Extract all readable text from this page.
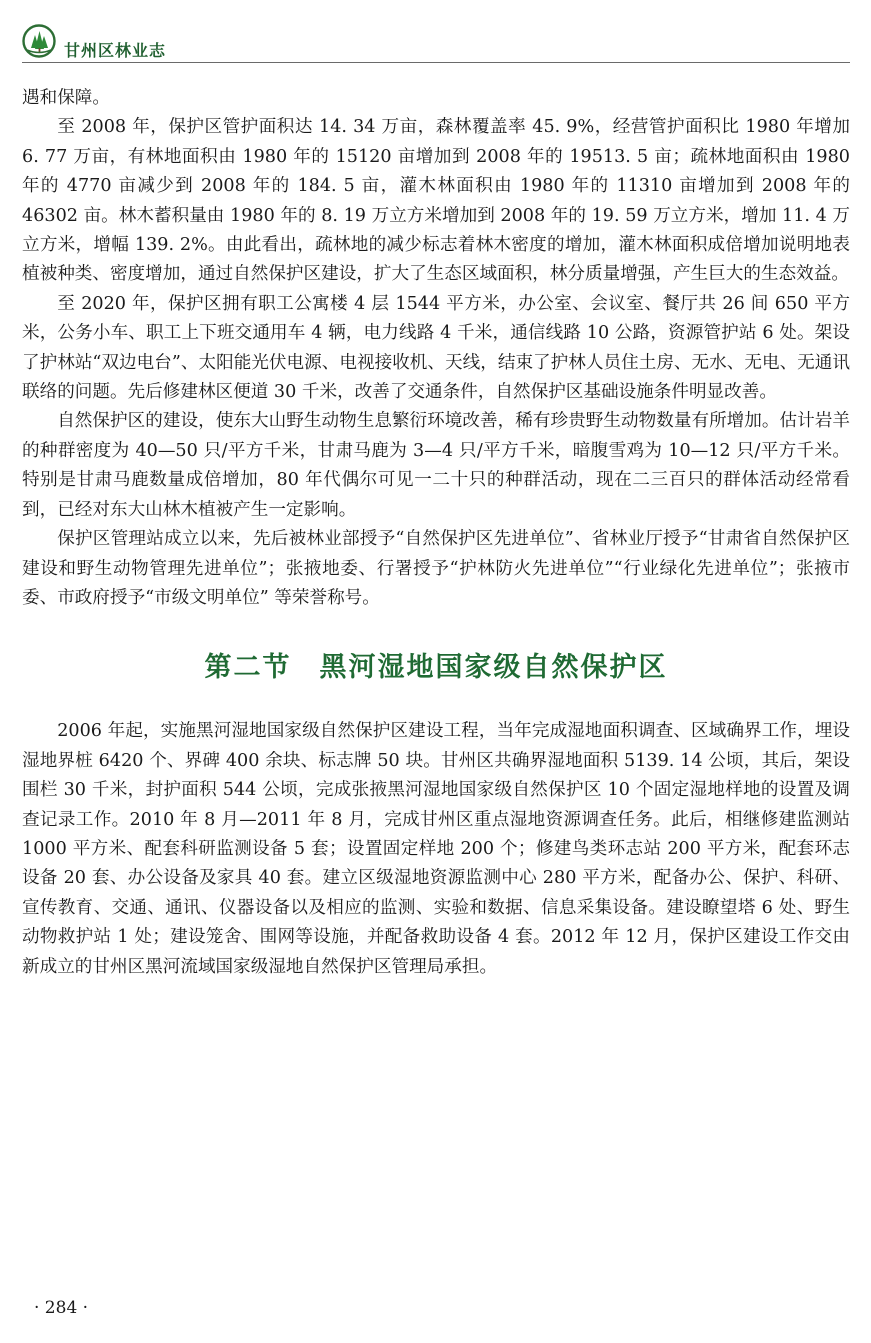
甘州区林业志

遇和保障。

至 2008 年，保护区管护面积达 14. 34 万亩，森林覆盖率 45. 9%，经营管护面积比 1980 年增加 6. 77 万亩，有林地面积由 1980 年的 15120 亩增加到 2008 年的 19513. 5 亩；疏林地面积由 1980 年的 4770 亩减少到 2008 年的 184. 5 亩，灌木林面积由 1980 年的 11310 亩增加到 2008 年的 46302 亩。林木蓄积量由 1980 年的 8. 19 万立方米增加到 2008 年的 19. 59 万立方米，增加 11. 4 万立方米，增幅 139. 2%。由此看出，疏林地的减少标志着林木密度的增加，灌木林面积成倍增加说明地表植被种类、密度增加，通过自然保护区建设，扩大了生态区域面积，林分质量增强，产生巨大的生态效益。

至 2020 年，保护区拥有职工公寓楼 4 层 1544 平方米，办公室、会议室、餐厅共 26 间 650 平方米，公务小车、职工上下班交通用车 4 辆，电力线路 4 千米，通信线路 10 公路，资源管护站 6 处。架设了护林站“双边电台”、太阳能光伏电源、电视接收机、天线，结束了护林人员住土房、无水、无电、无通讯联络的问题。先后修建林区便道 30 千米，改善了交通条件，自然保护区基础设施条件明显改善。

自然保护区的建设，使东大山野生动物生息繁衍环境改善，稀有珍贵野生动物数量有所增加。估计岩羊的种群密度为 40—50 只/平方千米，甘肃马鹿为 3—4 只/平方千米，暗腹雪鸡为 10—12 只/平方千米。特别是甘肃马鹿数量成倍增加，80 年代偶尔可见一二十只的种群活动，现在二三百只的群体活动经常看到，已经对东大山林木植被产生一定影响。

保护区管理站成立以来，先后被林业部授予“自然保护区先进单位”、省林业厅授予“甘肃省自然保护区建设和野生动物管理先进单位”；张掖地委、行署授予“护林防火先进单位”“行业绿化先进单位”；张掖市委、市政府授予“市级文明单位” 等荣誉称号。

第二节 黑河湿地国家级自然保护区

2006 年起，实施黑河湿地国家级自然保护区建设工程，当年完成湿地面积调查、区域确界工作，埋设湿地界桩 6420 个、界碑 400 余块、标志牌 50 块。甘州区共确界湿地面积 5139. 14 公顷，其后，架设围栏 30 千米，封护面积 544 公顷，完成张掖黑河湿地国家级自然保护区 10 个固定湿地样地的设置及调查记录工作。2010 年 8 月—2011 年 8 月，完成甘州区重点湿地资源调查任务。此后，相继修建监测站 1000 平方米、配套科研监测设备 5 套；设置固定样地 200 个；修建鸟类环志站 200 平方米，配套环志设备 20 套、办公设备及家具 40 套。建立区级湿地资源监测中心 280 平方米，配备办公、保护、科研、宣传教育、交通、通讯、仪器设备以及相应的监测、实验和数据、信息采集设备。建设瞭望塔 6 处、野生动物救护站 1 处；建设笼舍、围网等设施，并配备救助设备 4 套。2012 年 12 月，保护区建设工作交由新成立的甘州区黑河流域国家级湿地自然保护区管理局承担。

· 284 ·
